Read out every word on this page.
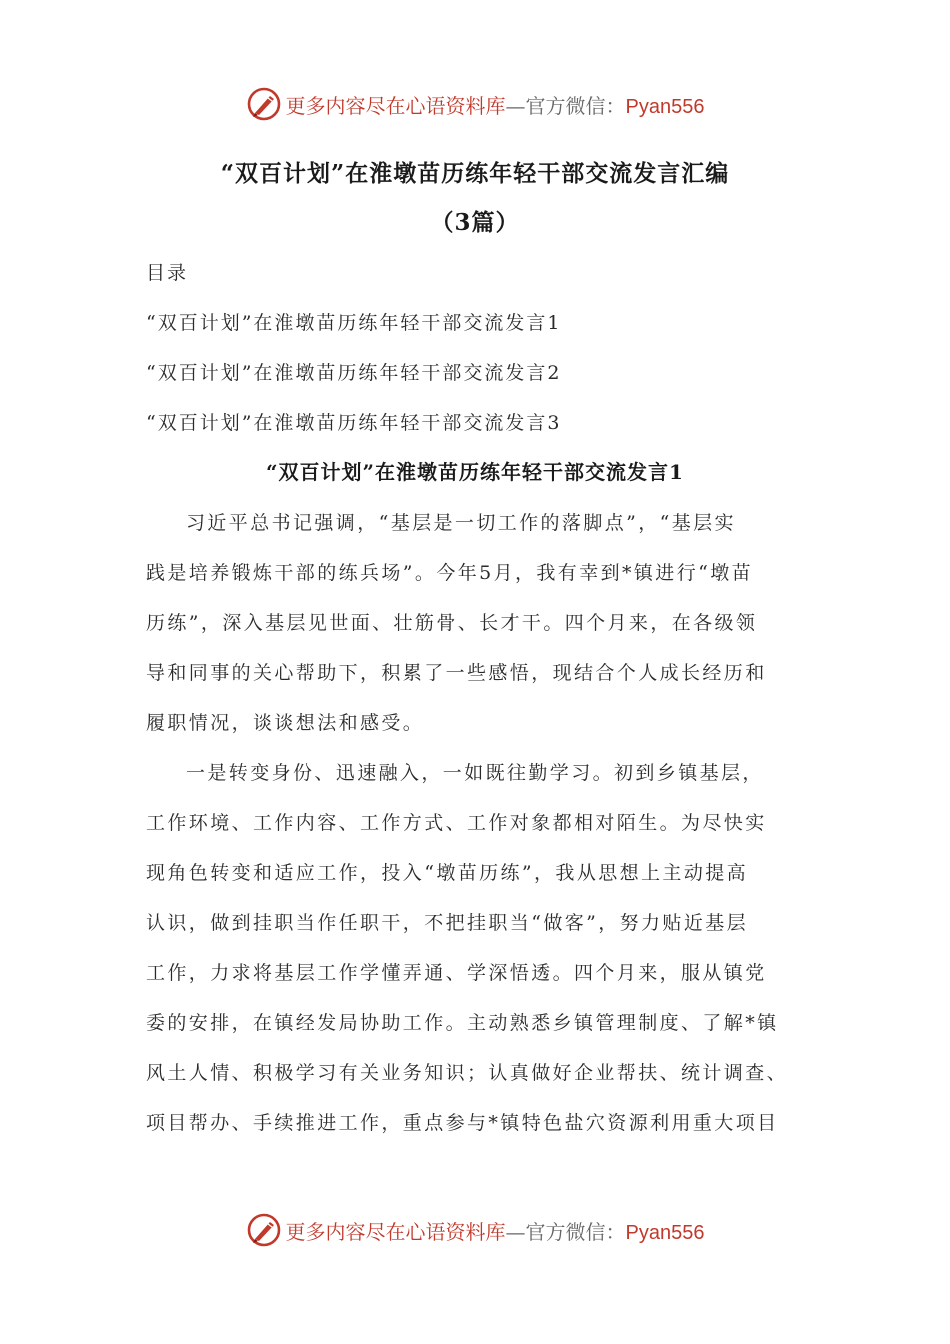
更多内容尽在心语资料库 — 官方微信： Pyan556
“双百计划”在淮墩苗历练年轻干部交流发言汇编
（3篇）
目录
“双百计划”在淮墩苗历练年轻干部交流发言1
“双百计划”在淮墩苗历练年轻干部交流发言2
“双百计划”在淮墩苗历练年轻干部交流发言3
“双百计划”在淮墩苗历练年轻干部交流发言1
习近平总书记强调，“基层是一切工作的落脚点”，“基层实
践是培养锻炼干部的练兵场”。今年5月，我有幸到*镇进行“墩苗
历练”，深入基层见世面、壮筋骨、长才干。四个月来，在各级领
导和同事的关心帮助下，积累了一些感悟，现结合个人成长经历和
履职情况，谈谈想法和感受。
一是转变身份、迅速融入，一如既往勤学习。初到乡镇基层，
工作环境、工作内容、工作方式、工作对象都相对陌生。为尽快实
现角色转变和适应工作，投入“墩苗历练”，我从思想上主动提高
认识，做到挂职当作任职干，不把挂职当“做客”，努力贴近基层
工作，力求将基层工作学懂弄通、学深悟透。四个月来，服从镇党
委的安排，在镇经发局协助工作。主动熟悉乡镇管理制度、了解*镇
风土人情、积极学习有关业务知识；认真做好企业帮扶、统计调查、
项目帮办、手续推进工作，重点参与*镇特色盐穴资源利用重大项目
更多内容尽在心语资料库 — 官方微信： Pyan556
